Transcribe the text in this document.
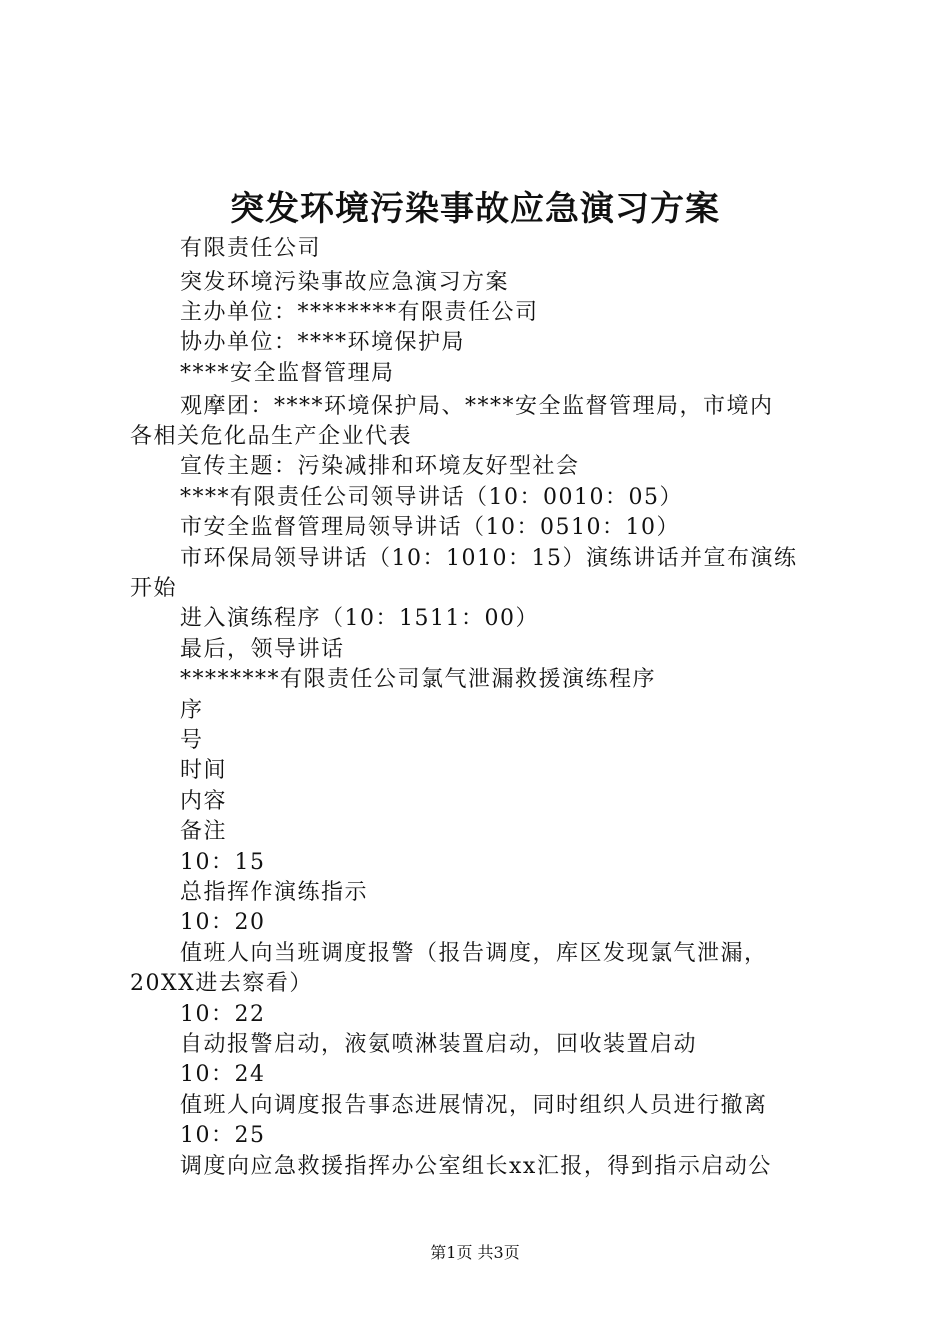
突发环境污染事故应急演习方案
有限责任公司
突发环境污染事故应急演习方案
主办单位：********有限责任公司
协办单位：****环境保护局
****安全监督管理局
观摩团：****环境保护局、****安全监督管理局，市境内
各相关危化品生产企业代表
宣传主题：污染减排和环境友好型社会
****有限责任公司领导讲话（10：0010：05）
市安全监督管理局领导讲话（10：0510：10）
市环保局领导讲话（10：1010：15）演练讲话并宣布演练
开始
进入演练程序（10：1511：00）
最后，领导讲话
********有限责任公司氯气泄漏救援演练程序
序
号
时间
内容
备注
10：15
总指挥作演练指示
10：20
值班人向当班调度报警（报告调度，库区发现氯气泄漏，
20XX进去察看）
10：22
自动报警启动，液氨喷淋装置启动，回收装置启动
10：24
值班人向调度报告事态进展情况，同时组织人员进行撤离
10：25
调度向应急救援指挥办公室组长xx汇报，得到指示启动公
第1页 共3页
